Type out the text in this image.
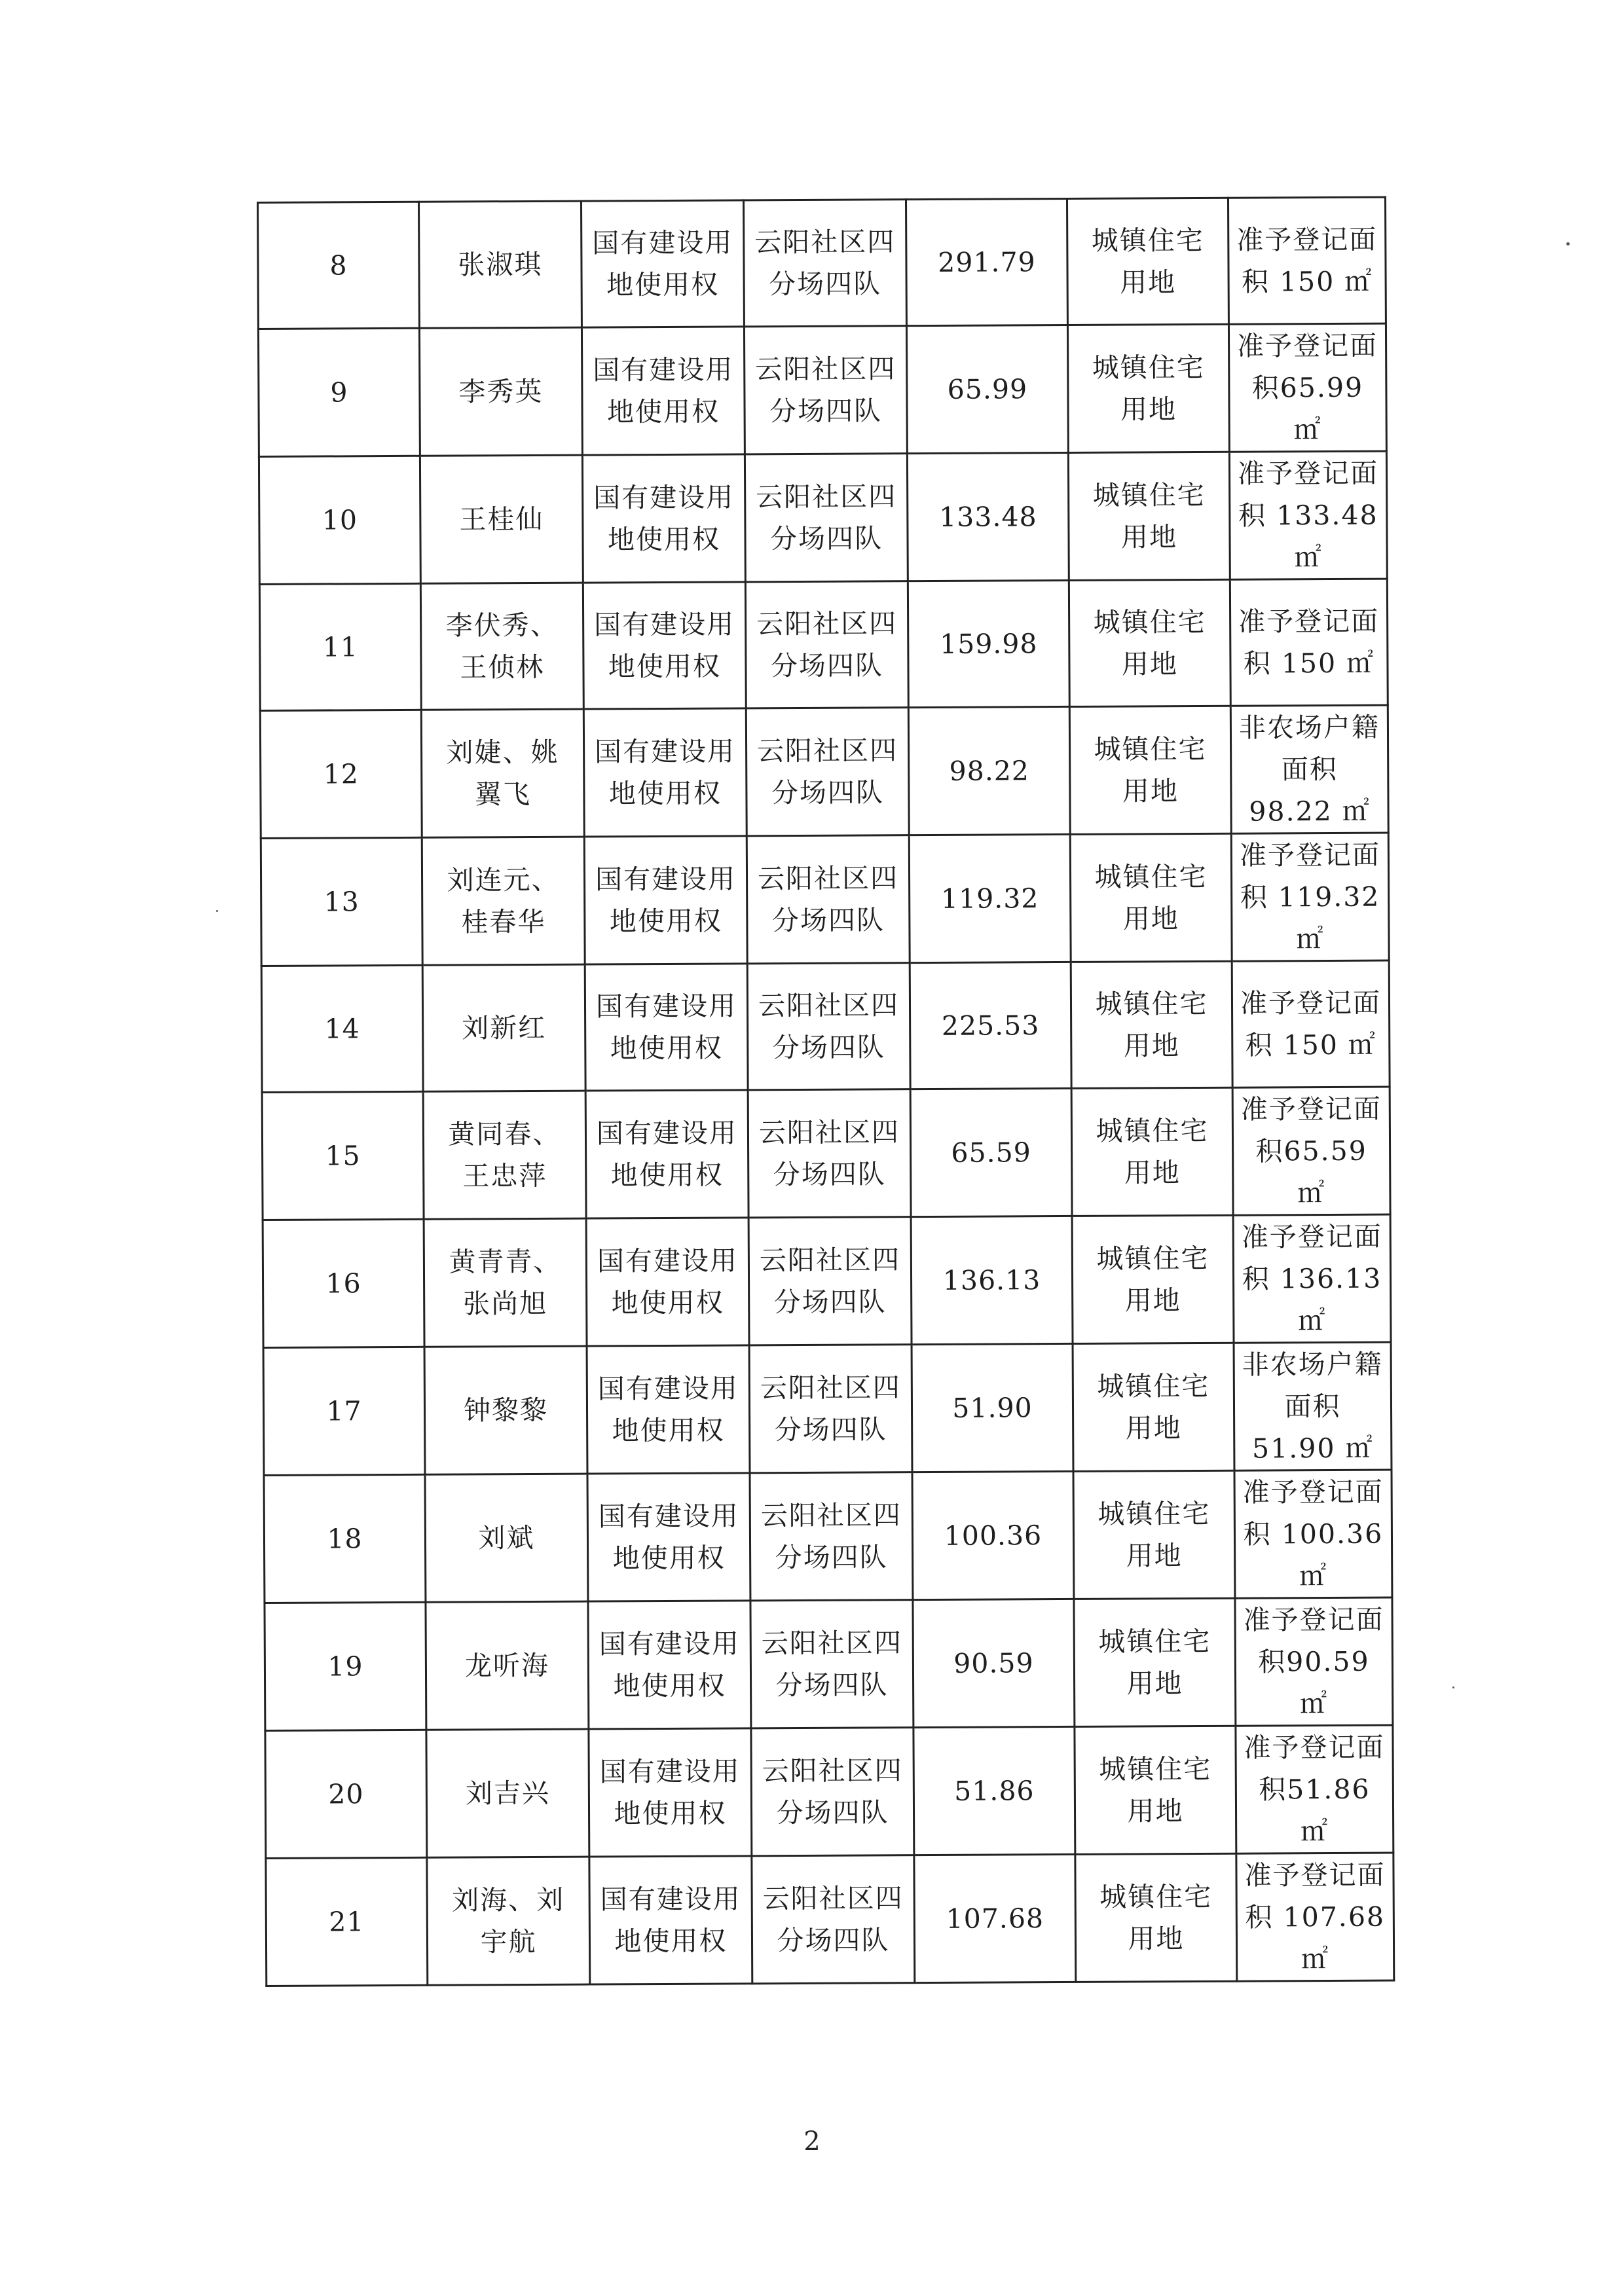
8	张淑琪	国有建设用地使用权	云阳社区四分场四队	291.79	城镇住宅用地	准予登记面积 150 ㎡
9	李秀英	国有建设用地使用权	云阳社区四分场四队	65.99	城镇住宅用地	准予登记面积65.99 ㎡
10	王桂仙	国有建设用地使用权	云阳社区四分场四队	133.48	城镇住宅用地	准予登记面积 133.48 ㎡
11	李伏秀、王侦林	国有建设用地使用权	云阳社区四分场四队	159.98	城镇住宅用地	准予登记面积 150 ㎡
12	刘婕、姚翼飞	国有建设用地使用权	云阳社区四分场四队	98.22	城镇住宅用地	非农场户籍面积 98.22 ㎡
13	刘连元、桂春华	国有建设用地使用权	云阳社区四分场四队	119.32	城镇住宅用地	准予登记面积 119.32 ㎡
14	刘新红	国有建设用地使用权	云阳社区四分场四队	225.53	城镇住宅用地	准予登记面积 150 ㎡
15	黄同春、王忠萍	国有建设用地使用权	云阳社区四分场四队	65.59	城镇住宅用地	准予登记面积65.59 ㎡
16	黄青青、张尚旭	国有建设用地使用权	云阳社区四分场四队	136.13	城镇住宅用地	准予登记面积 136.13 ㎡
17	钟黎黎	国有建设用地使用权	云阳社区四分场四队	51.90	城镇住宅用地	非农场户籍面积 51.90 ㎡
18	刘斌	国有建设用地使用权	云阳社区四分场四队	100.36	城镇住宅用地	准予登记面积 100.36 ㎡
19	龙听海	国有建设用地使用权	云阳社区四分场四队	90.59	城镇住宅用地	准予登记面积90.59 ㎡
20	刘吉兴	国有建设用地使用权	云阳社区四分场四队	51.86	城镇住宅用地	准予登记面积51.86 ㎡
21	刘海、刘宇航	国有建设用地使用权	云阳社区四分场四队	107.68	城镇住宅用地	准予登记面积 107.68 ㎡
2
